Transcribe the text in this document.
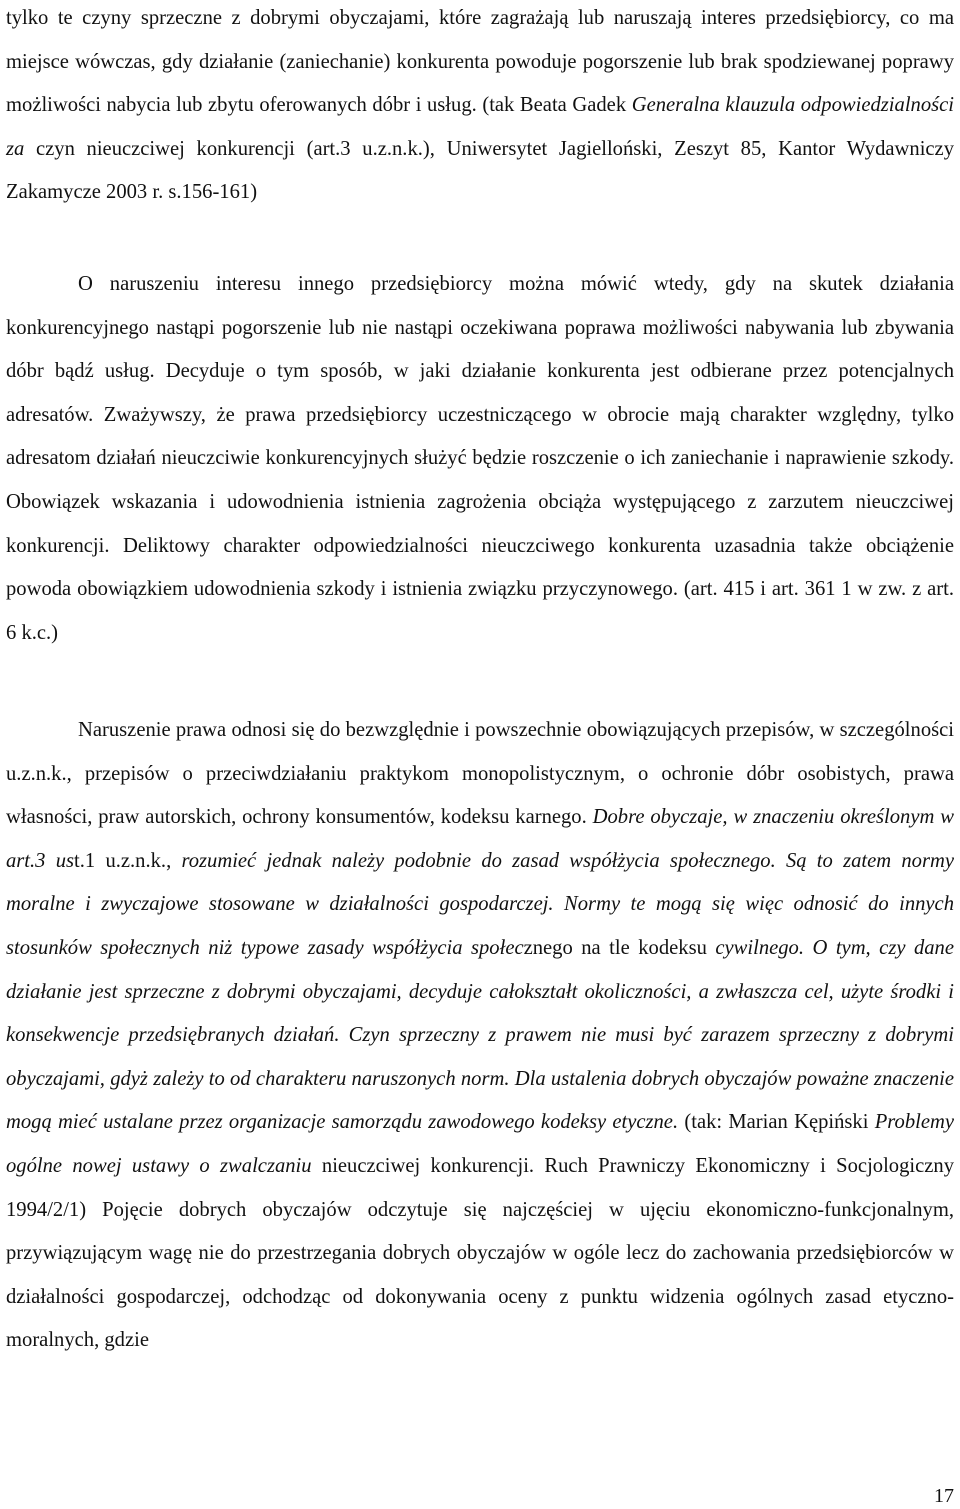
tylko te czyny sprzeczne z dobrymi obyczajami, które zagrażają lub naruszają interes przedsiębiorcy, co ma miejsce wówczas, gdy działanie (zaniechanie) konkurenta powoduje pogorszenie lub brak spodziewanej poprawy możliwości nabycia lub zbytu oferowanych dóbr i usług. (tak Beata Gadek Generalna klauzula odpowiedzialności za czyn nieuczciwej konkurencji (art.3 u.z.n.k.), Uniwersytet Jagielloński, Zeszyt 85, Kantor Wydawniczy Zakamycze 2003 r. s.156-161)

O naruszeniu interesu innego przedsiębiorcy można mówić wtedy, gdy na skutek działania konkurencyjnego nastąpi pogorszenie lub nie nastąpi oczekiwana poprawa możliwości nabywania lub zbywania dóbr bądź usług. Decyduje o tym sposób, w jaki działanie konkurenta jest odbierane przez potencjalnych adresatów. Zważywszy, że prawa przedsiębiorcy uczestniczącego w obrocie mają charakter względny, tylko adresatom działań nieuczciwie konkurencyjnych służyć będzie roszczenie o ich zaniechanie i naprawienie szkody. Obowiązek wskazania i udowodnienia istnienia zagrożenia obciąża występującego z zarzutem nieuczciwej konkurencji. Deliktowy charakter odpowiedzialności nieuczciwego konkurenta uzasadnia także obciążenie powoda obowiązkiem udowodnienia szkody i istnienia związku przyczynowego. (art. 415 i art. 361 1 w zw. z art. 6 k.c.)

Naruszenie prawa odnosi się do bezwzględnie i powszechnie obowiązujących przepisów, w szczególności u.z.n.k., przepisów o przeciwdziałaniu praktykom monopolistycznym, o ochronie dóbr osobistych, prawa własności, praw autorskich, ochrony konsumentów, kodeksu karnego. Dobre obyczaje, w znaczeniu określonym w art.3 ust.1 u.z.n.k., rozumieć jednak należy podobnie do zasad współżycia społecznego. Są to zatem normy moralne i zwyczajowe stosowane w działalności gospodarczej. Normy te mogą się więc odnosić do innych stosunków społecznych niż typowe zasady współżycia społecznego na tle kodeksu cywilnego. O tym, czy dane działanie jest sprzeczne z dobrymi obyczajami, decyduje całokształt okoliczności, a zwłaszcza cel, użyte środki i konsekwencje przedsiębranych działań. Czyn sprzeczny z prawem nie musi być zarazem sprzeczny z dobrymi obyczajami, gdyż zależy to od charakteru naruszonych norm. Dla ustalenia dobrych obyczajów poważne znaczenie mogą mieć ustalane przez organizacje samorządu zawodowego kodeksy etyczne. (tak: Marian Kępiński Problemy ogólne nowej ustawy o zwalczaniu nieuczciwej konkurencji. Ruch Prawniczy Ekonomiczny i Socjologiczny 1994/2/1) Pojęcie dobrych obyczajów odczytuje się najczęściej w ujęciu ekonomiczno-funkcjonalnym, przywiązującym wagę nie do przestrzegania dobrych obyczajów w ogóle lecz do zachowania przedsiębiorców w działalności gospodarczej, odchodząc od dokonywania oceny z punktu widzenia ogólnych zasad etyczno-moralnych, gdzie

17
